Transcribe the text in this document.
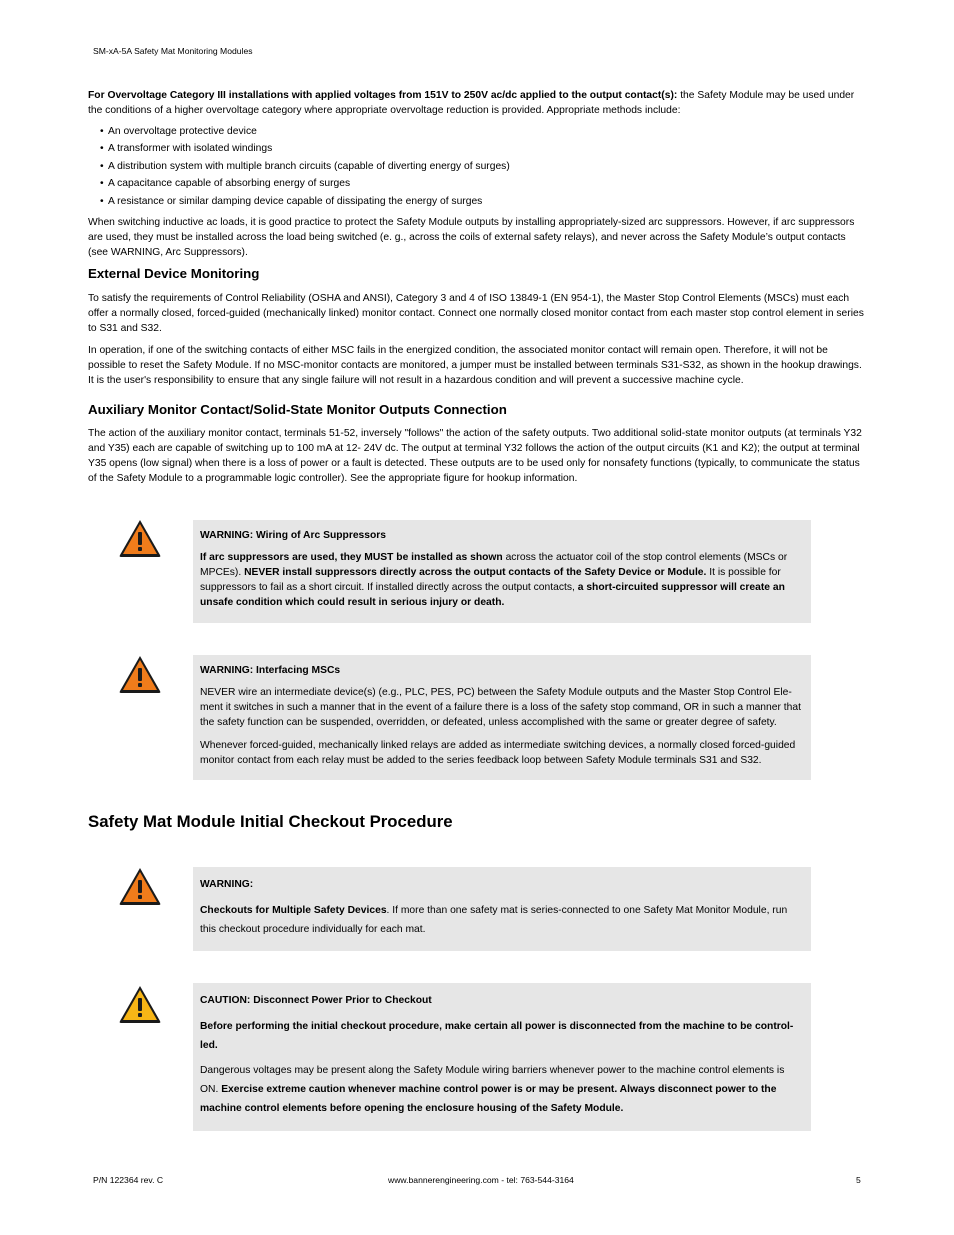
SM-xA-5A Safety Mat Monitoring Modules

For Overvoltage Category III installations with applied voltages from 151V to 250V ac/dc applied to the output contact(s): the Safety Module may be used under the conditions of a higher overvoltage category where appropriate overvoltage reduction is provided. Appropriate methods include:

• An overvoltage protective device
• A transformer with isolated windings
• A distribution system with multiple branch circuits (capable of diverting energy of surges)
• A capacitance capable of absorbing energy of surges
• A resistance or similar damping device capable of dissipating the energy of surges

When switching inductive ac loads, it is good practice to protect the Safety Module outputs by installing appropriately-sized arc suppressors. However, if arc suppressors are used, they must be installed across the load being switched (e. g., across the coils of external safety relays), and never across the Safety Module’s output contacts (see WARNING, Arc Suppressors).

External Device Monitoring

To satisfy the requirements of Control Reliability (OSHA and ANSI), Category 3 and 4 of ISO 13849-1 (EN 954-1), the Master Stop Control Elements (MSCs) must each offer a normally closed, forced-guided (mechanically linked) monitor contact. Connect one normally closed monitor contact from each master stop control element in series to S31 and S32.

In operation, if one of the switching contacts of either MSC fails in the energized condition, the associated monitor contact will remain open. Therefore, it will not be possible to reset the Safety Module. If no MSC-monitor contacts are monitored, a jumper must be installed between terminals S31-S32, as shown in the hookup drawings. It is the user's responsibility to ensure that any single failure will not result in a hazardous condition and will prevent a successive machine cycle.

Auxiliary Monitor Contact/Solid-State Monitor Outputs Connection

The action of the auxiliary monitor contact, terminals 51-52, inversely "follows" the action of the safety outputs. Two additional solid-state monitor outputs (at terminals Y32 and Y35) each are capable of switching up to 100 mA at 12- 24V dc. The output at terminal Y32 follows the action of the output circuits (K1 and K2); the output at terminal Y35 opens (low signal) when there is a loss of power or a fault is detected. These outputs are to be used only for nonsafety functions (typically, to communicate the status of the Safety Module to a programmable logic controller). See the appropriate figure for hookup information.

WARNING: Wiring of Arc Suppressors

If arc suppressors are used, they MUST be installed as shown across the actuator coil of the stop control elements (MSCs or MPCEs). NEVER install suppressors directly across the output contacts of the Safety Device or Module. It is possible for suppressors to fail as a short circuit. If installed directly across the output contacts, a short-circuited suppressor will create an unsafe condition which could result in serious injury or death.

WARNING: Interfacing MSCs

NEVER wire an intermediate device(s) (e.g., PLC, PES, PC) between the Safety Module outputs and the Master Stop Control Ele-ment it switches in such a manner that in the event of a failure there is a loss of the safety stop command, OR in such a manner that the safety function can be suspended, overridden, or defeated, unless accomplished with the same or greater degree of safety.

Whenever forced-guided, mechanically linked relays are added as intermediate switching devices, a normally closed forced-guided monitor contact from each relay must be added to the series feedback loop between Safety Module terminals S31 and S32.

Safety Mat Module Initial Checkout Procedure
WARNING:

Checkouts for Multiple Safety Devices. If more than one safety mat is series-connected to one Safety Mat Monitor Module, run this checkout procedure individually for each mat.

CAUTION: Disconnect Power Prior to Checkout

Before performing the initial checkout procedure, make certain all power is disconnected from the machine to be control-led.

Dangerous voltages may be present along the Safety Module wiring barriers whenever power to the machine control elements is ON. Exercise extreme caution whenever machine control power is or may be present. Always disconnect power to the machine control elements before opening the enclosure housing of the Safety Module.

P/N 122364 rev. C	www.bannerengineering.com - tel: 763-544-3164	5
